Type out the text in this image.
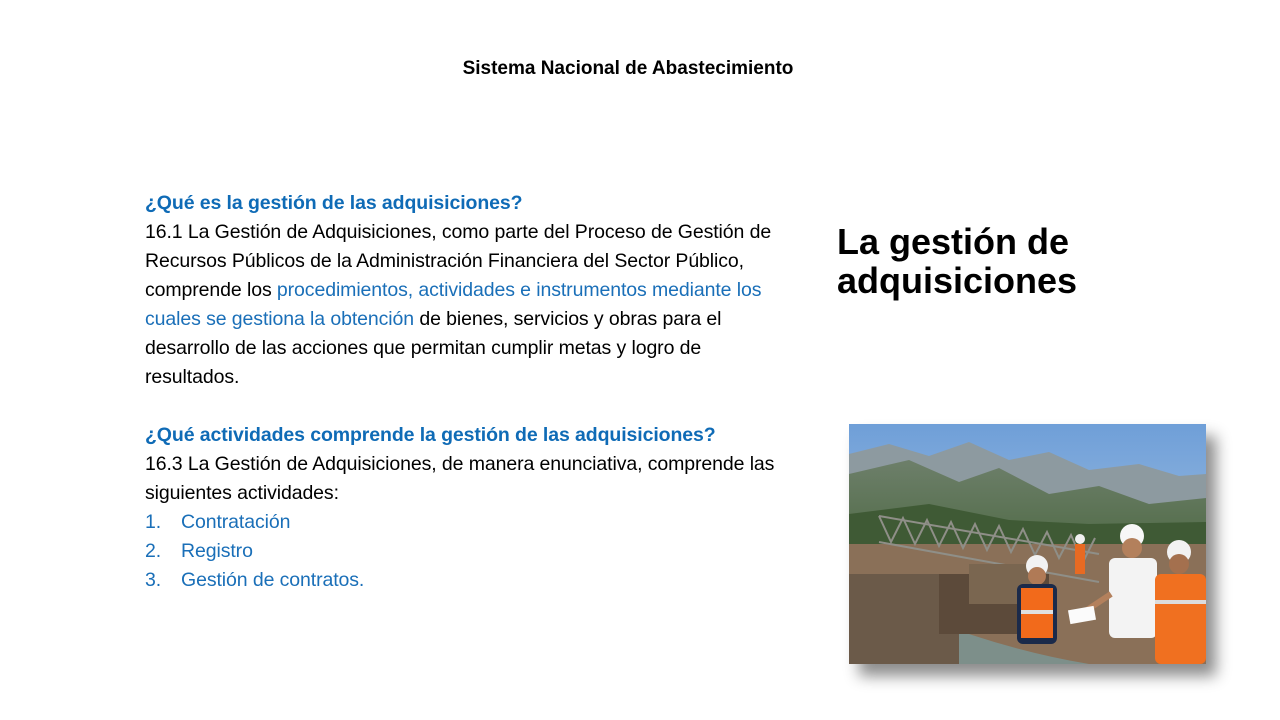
Sistema Nacional de Abastecimiento

¿Qué es la gestión de las adquisiciones?

16.1 La Gestión de Adquisiciones, como parte del Proceso de Gestión de Recursos Públicos de la Administración Financiera del Sector Público, comprende los procedimientos, actividades e instrumentos mediante los cuales se gestiona la obtención de bienes, servicios y obras para el desarrollo de las acciones que permitan cumplir metas y logro de resultados.

¿Qué actividades comprende la gestión de las adquisiciones?

16.3 La Gestión de Adquisiciones, de manera enunciativa, comprende las siguientes actividades:

1.	Contratación
2.	Registro
3.	Gestión de contratos.
La gestión de
adquisiciones
